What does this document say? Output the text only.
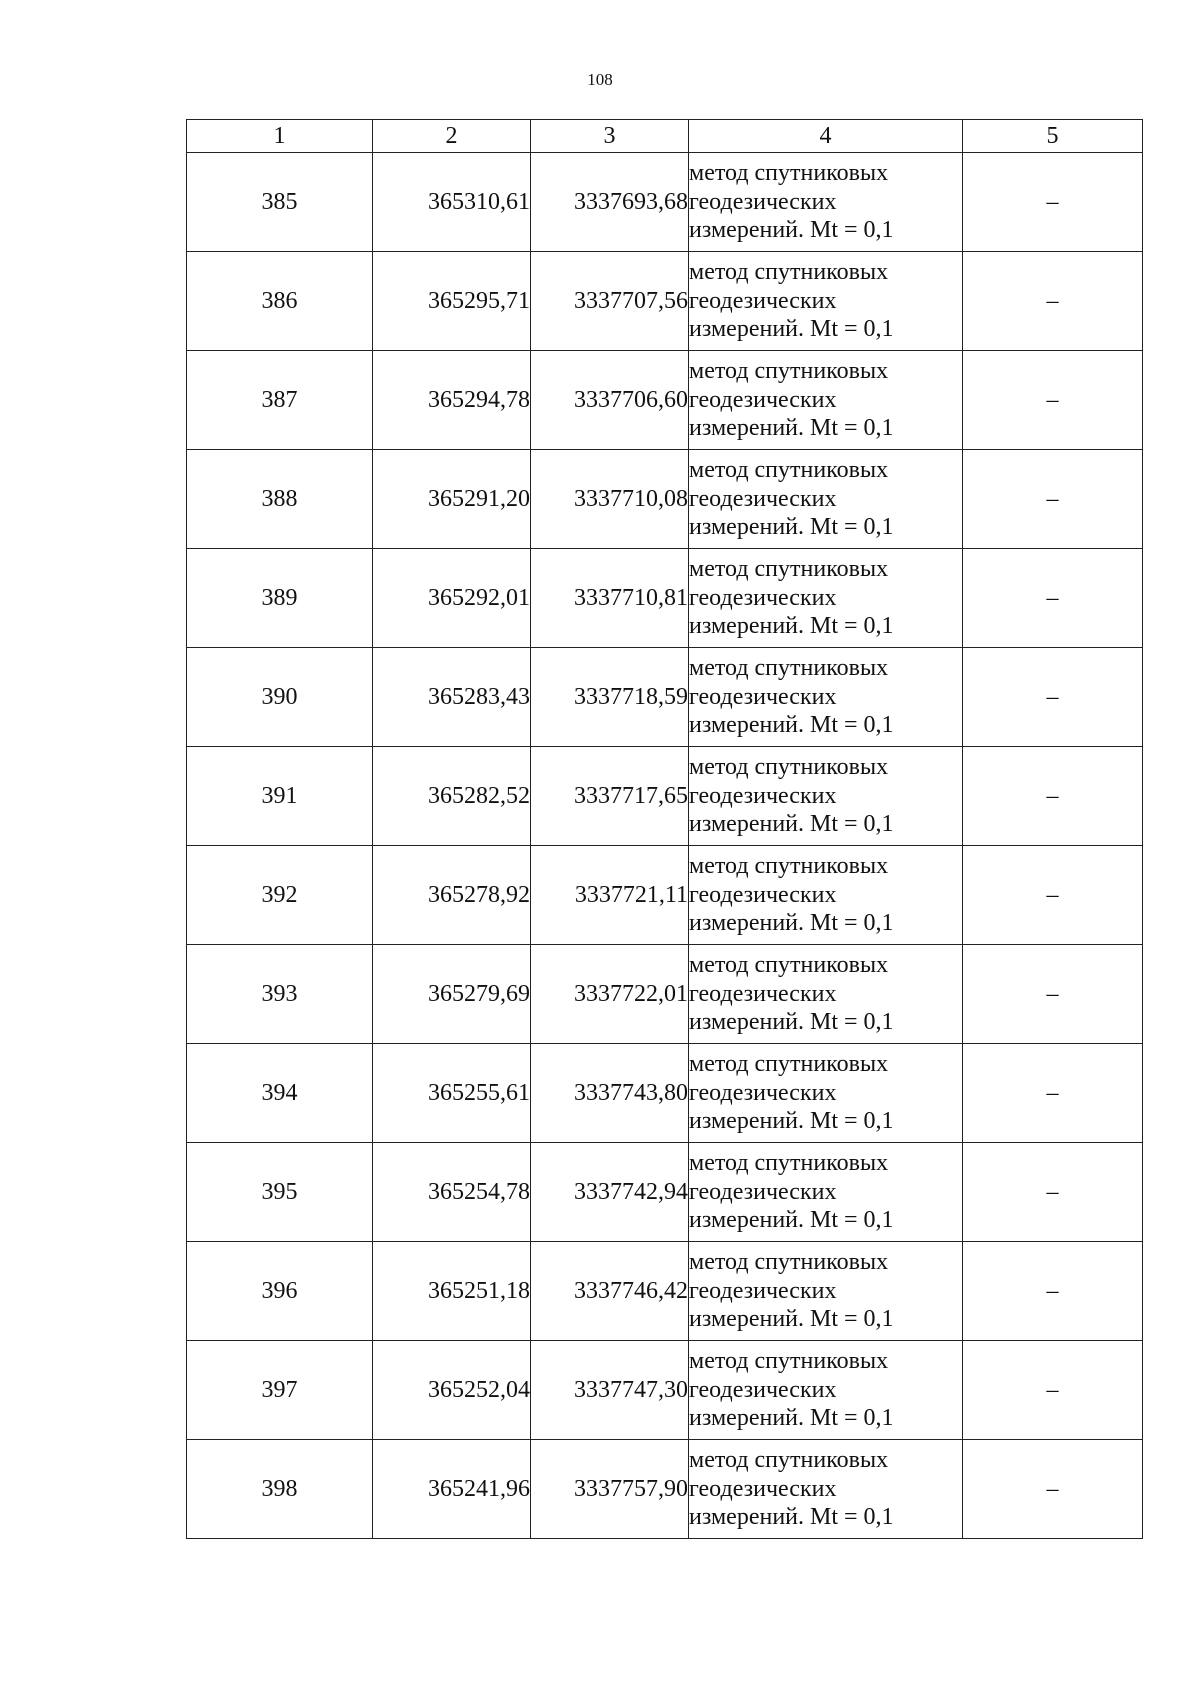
108
1	2	3	4	5
385	365310,61	3337693,68	метод спутниковых
геодезических
измерений. Mt = 0,1	–
386	365295,71	3337707,56	метод спутниковых
геодезических
измерений. Mt = 0,1	–
387	365294,78	3337706,60	метод спутниковых
геодезических
измерений. Mt = 0,1	–
388	365291,20	3337710,08	метод спутниковых
геодезических
измерений. Mt = 0,1	–
389	365292,01	3337710,81	метод спутниковых
геодезических
измерений. Mt = 0,1	–
390	365283,43	3337718,59	метод спутниковых
геодезических
измерений. Mt = 0,1	–
391	365282,52	3337717,65	метод спутниковых
геодезических
измерений. Mt = 0,1	–
392	365278,92	3337721,11	метод спутниковых
геодезических
измерений. Mt = 0,1	–
393	365279,69	3337722,01	метод спутниковых
геодезических
измерений. Mt = 0,1	–
394	365255,61	3337743,80	метод спутниковых
геодезических
измерений. Mt = 0,1	–
395	365254,78	3337742,94	метод спутниковых
геодезических
измерений. Mt = 0,1	–
396	365251,18	3337746,42	метод спутниковых
геодезических
измерений. Mt = 0,1	–
397	365252,04	3337747,30	метод спутниковых
геодезических
измерений. Mt = 0,1	–
398	365241,96	3337757,90	метод спутниковых
геодезических
измерений. Mt = 0,1	–
